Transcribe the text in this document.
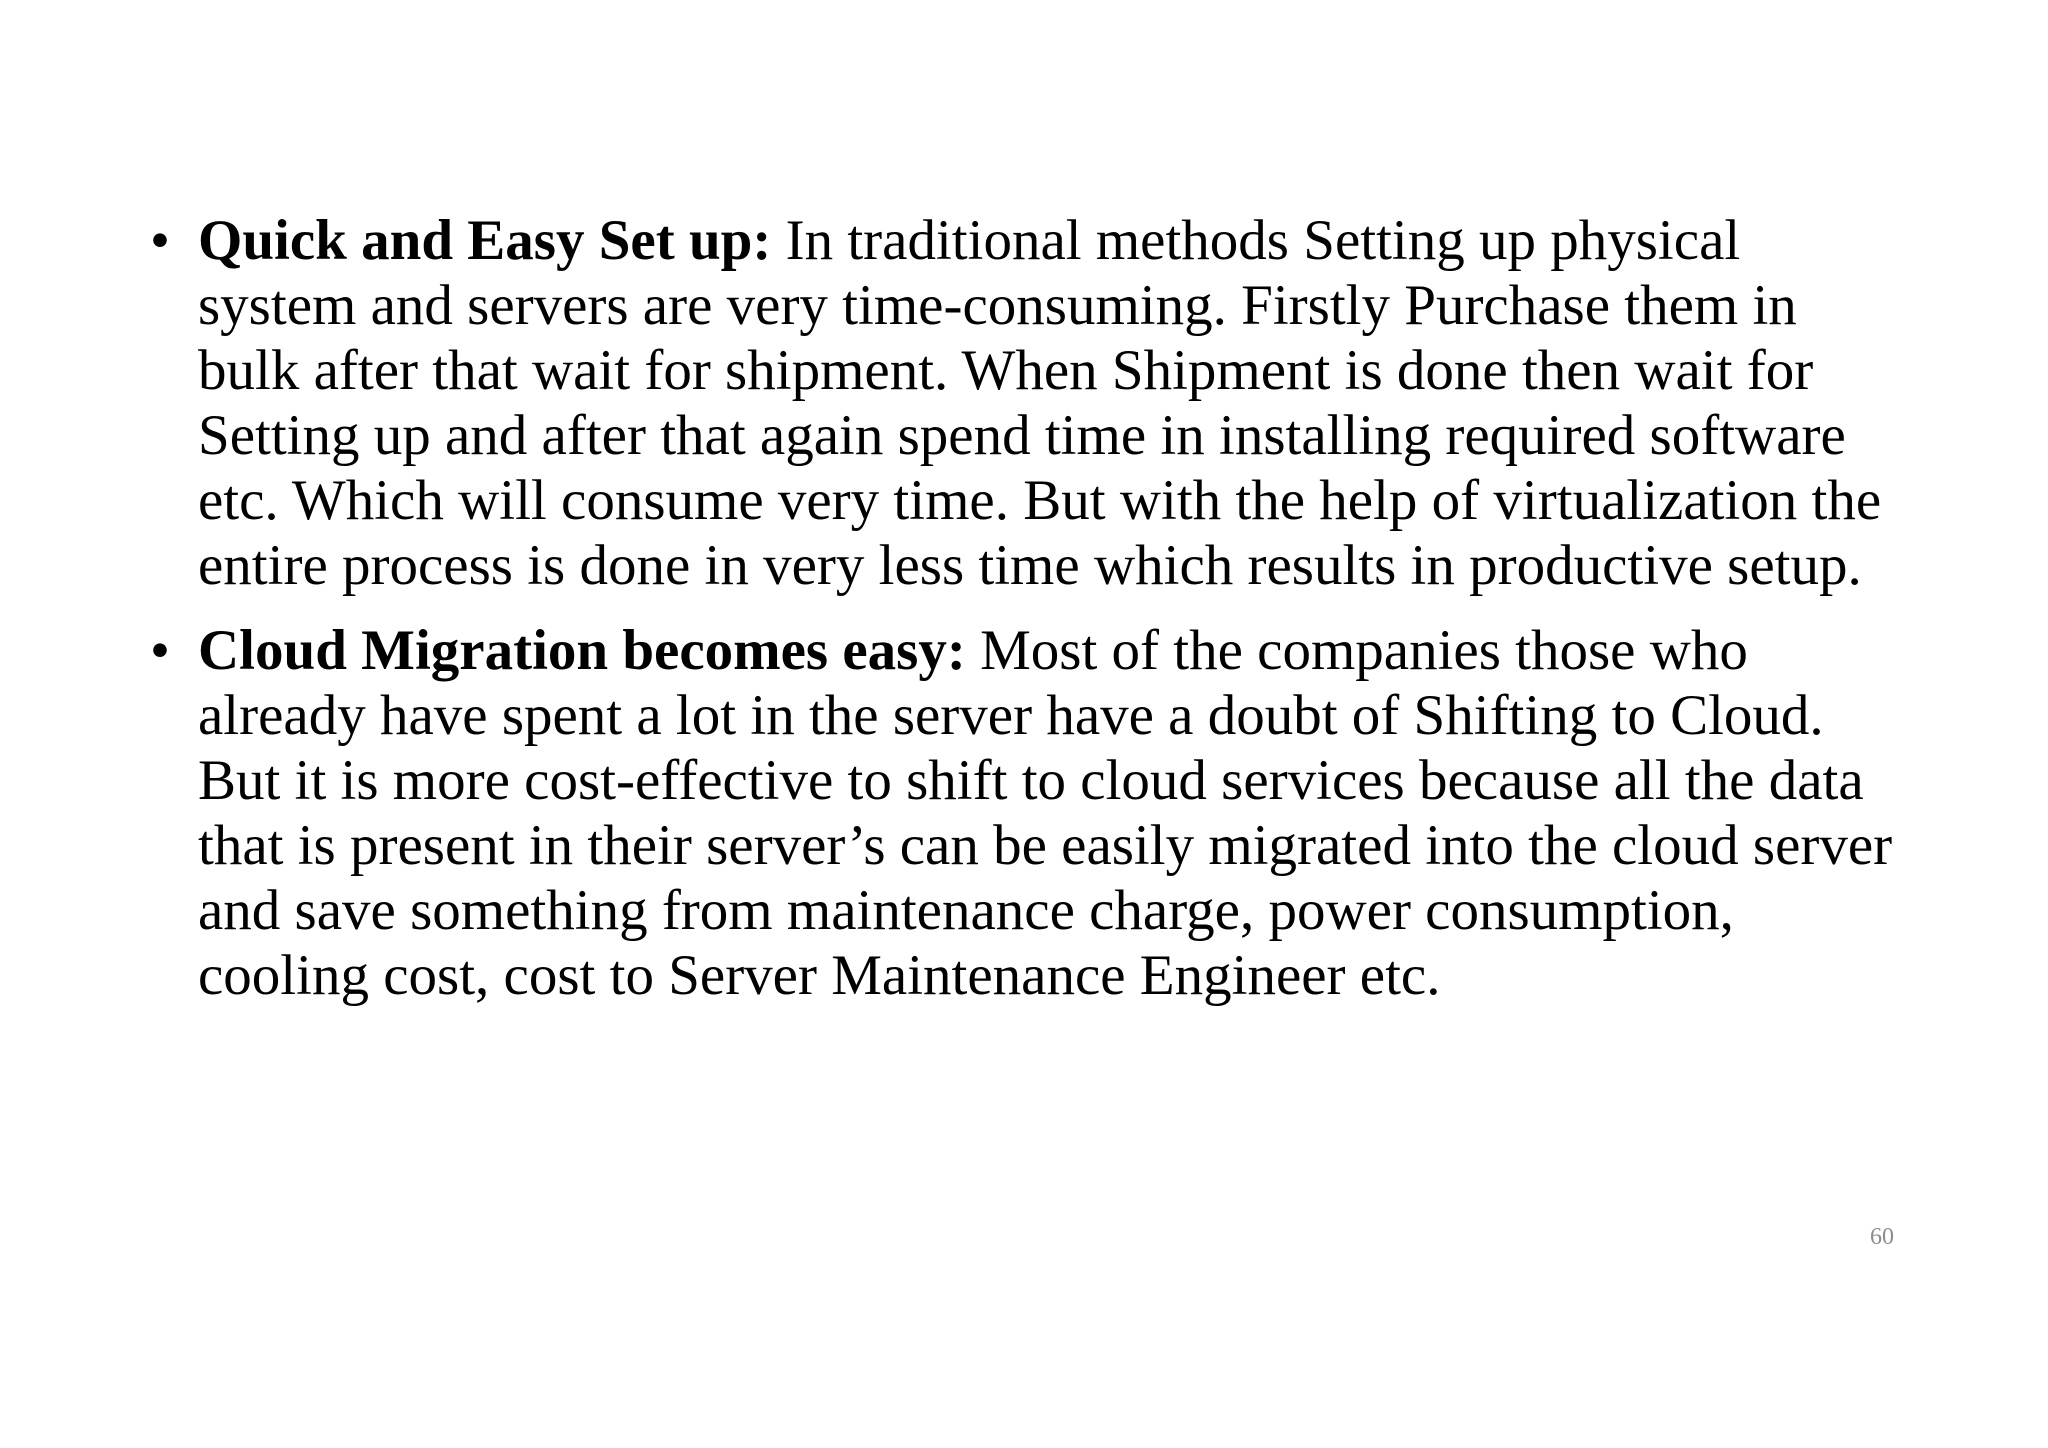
• Quick and Easy Set up: In traditional methods Setting up physical system and servers are very time-consuming. Firstly Purchase them in bulk after that wait for shipment. When Shipment is done then wait for Setting up and after that again spend time in installing required software etc. Which will consume very time. But with the help of virtualization the entire process is done in very less time which results in productive setup.
• Cloud Migration becomes easy: Most of the companies those who already have spent a lot in the server have a doubt of Shifting to Cloud. But it is more cost-effective to shift to cloud services because all the data that is present in their server’s can be easily migrated into the cloud server and save something from maintenance charge, power consumption, cooling cost, cost to Server Maintenance Engineer etc.
60
